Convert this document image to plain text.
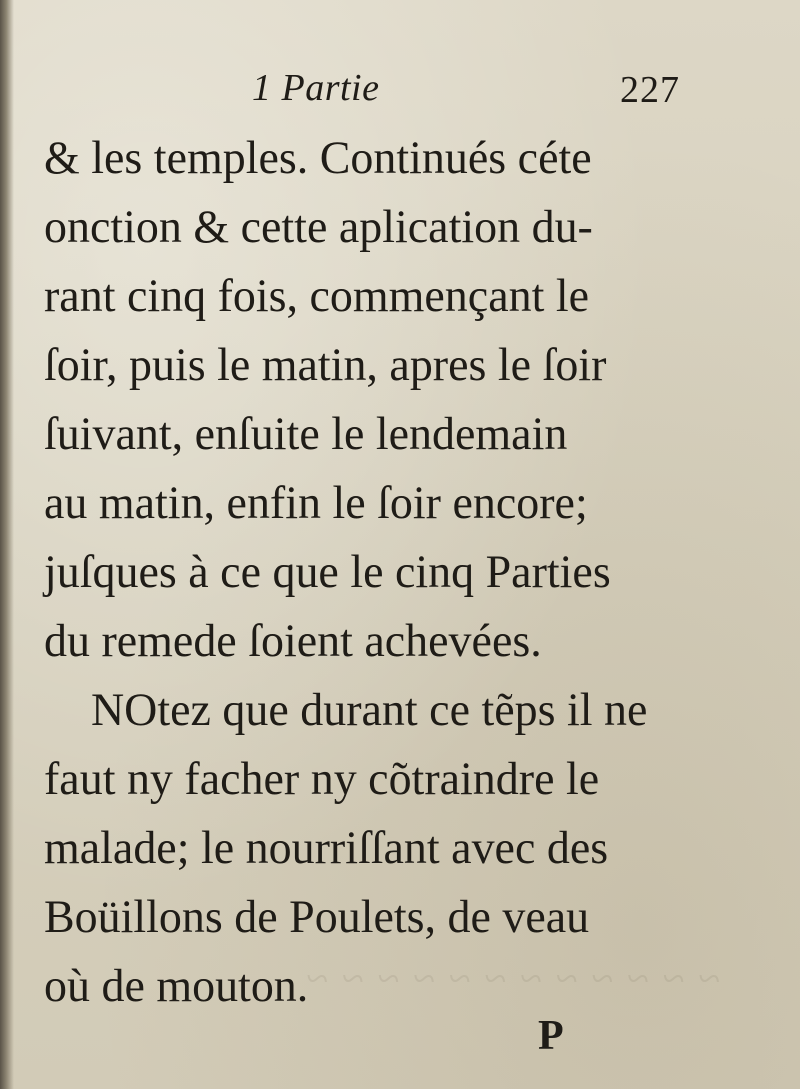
~ ~ ~ ~ ~ ~ ~ ~ ~ ~ ~ ~
1 Partie	227
& les temples. Continués céte
onction & cette aplication du-
rant cinq fois, commençant le
ſoir, puis le matin, apres le ſoir
ſuivant, enſuite le lendemain
au matin, enfin le ſoir encore;
juſques à ce que le cinq Parties
du remede ſoient achevées.
NOtez que durant ce tẽps il ne
faut ny facher ny cõtraindre le
malade; le nourriſſant avec des
Boüillons de Poulets, de veau
où de mouton.
P
